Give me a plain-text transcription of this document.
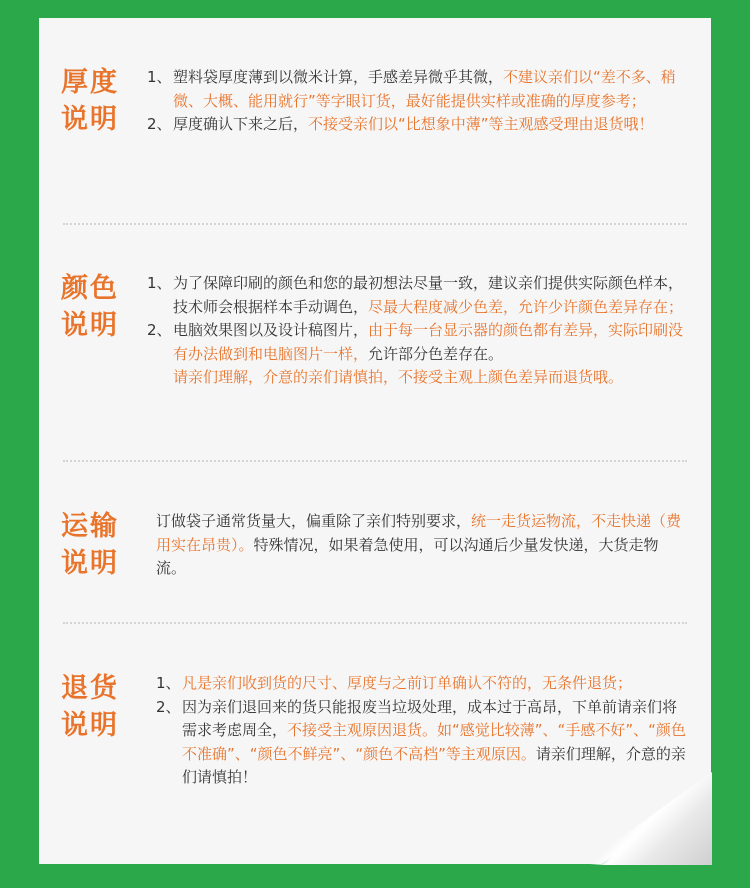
厚度
说明
1、 塑料袋厚度薄到以微米计算，手感差异微乎其微，不建议亲们以“差不多、稍微、大概、能用就行”等字眼订货，最好能提供实样或准确的厚度参考；
2、 厚度确认下来之后，不接受亲们以“比想象中薄”等主观感受理由退货哦！
颜色
说明
1、 为了保障印刷的颜色和您的最初想法尽量一致，建议亲们提供实际颜色样本，技术师会根据样本手动调色，尽最大程度减少色差，允许少许颜色差异存在；
2、 电脑效果图以及设计稿图片，由于每一台显示器的颜色都有差异，实际印刷没有办法做到和电脑图片一样，允许部分色差存在。
请亲们理解，介意的亲们请慎拍，不接受主观上颜色差异而退货哦。
运输
说明
订做袋子通常货量大，偏重除了亲们特别要求，统一走货运物流，不走快递（费用实在昂贵）。特殊情况，如果着急使用，可以沟通后少量发快递，大货走物流。
退货
说明
1、 凡是亲们收到货的尺寸、厚度与之前订单确认不符的，无条件退货；
2、 因为亲们退回来的货只能报废当垃圾处理，成本过于高昂，下单前请亲们将需求考虑周全，不接受主观原因退货。如“感觉比较薄”、“手感不好”、“颜色不准确”、“颜色不鲜亮”、“颜色不高档”等主观原因。请亲们理解，介意的亲们请慎拍！
